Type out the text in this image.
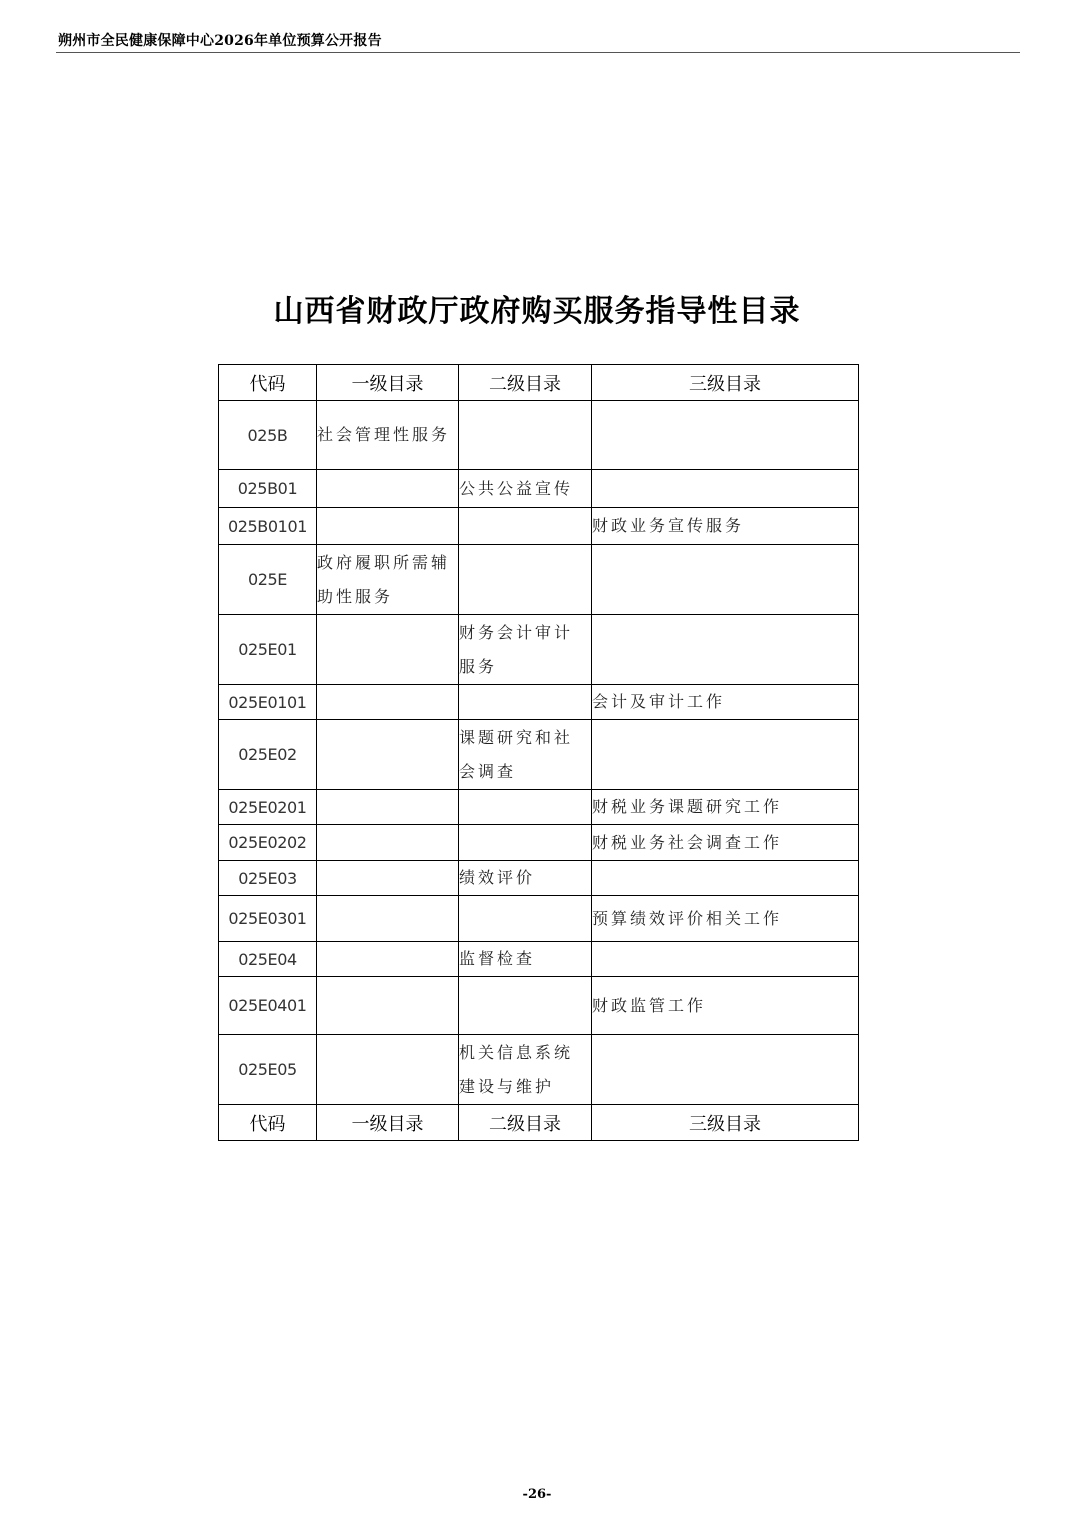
朔州市全民健康保障中心2026年单位预算公开报告
山西省财政厅政府购买服务指导性目录
代码	一级目录	二级目录	三级目录
025B	社会管理性服务		
025B01		公共公益宣传	
025B0101			财政业务宣传服务
025E	政府履职所需辅助性服务		
025E01		财务会计审计服务	
025E0101			会计及审计工作
025E02		课题研究和社会调查	
025E0201			财税业务课题研究工作
025E0202			财税业务社会调查工作
025E03		绩效评价	
025E0301			预算绩效评价相关工作
025E04		监督检查	
025E0401			财政监管工作
025E05		机关信息系统建设与维护	
代码	一级目录	二级目录	三级目录
-26-
